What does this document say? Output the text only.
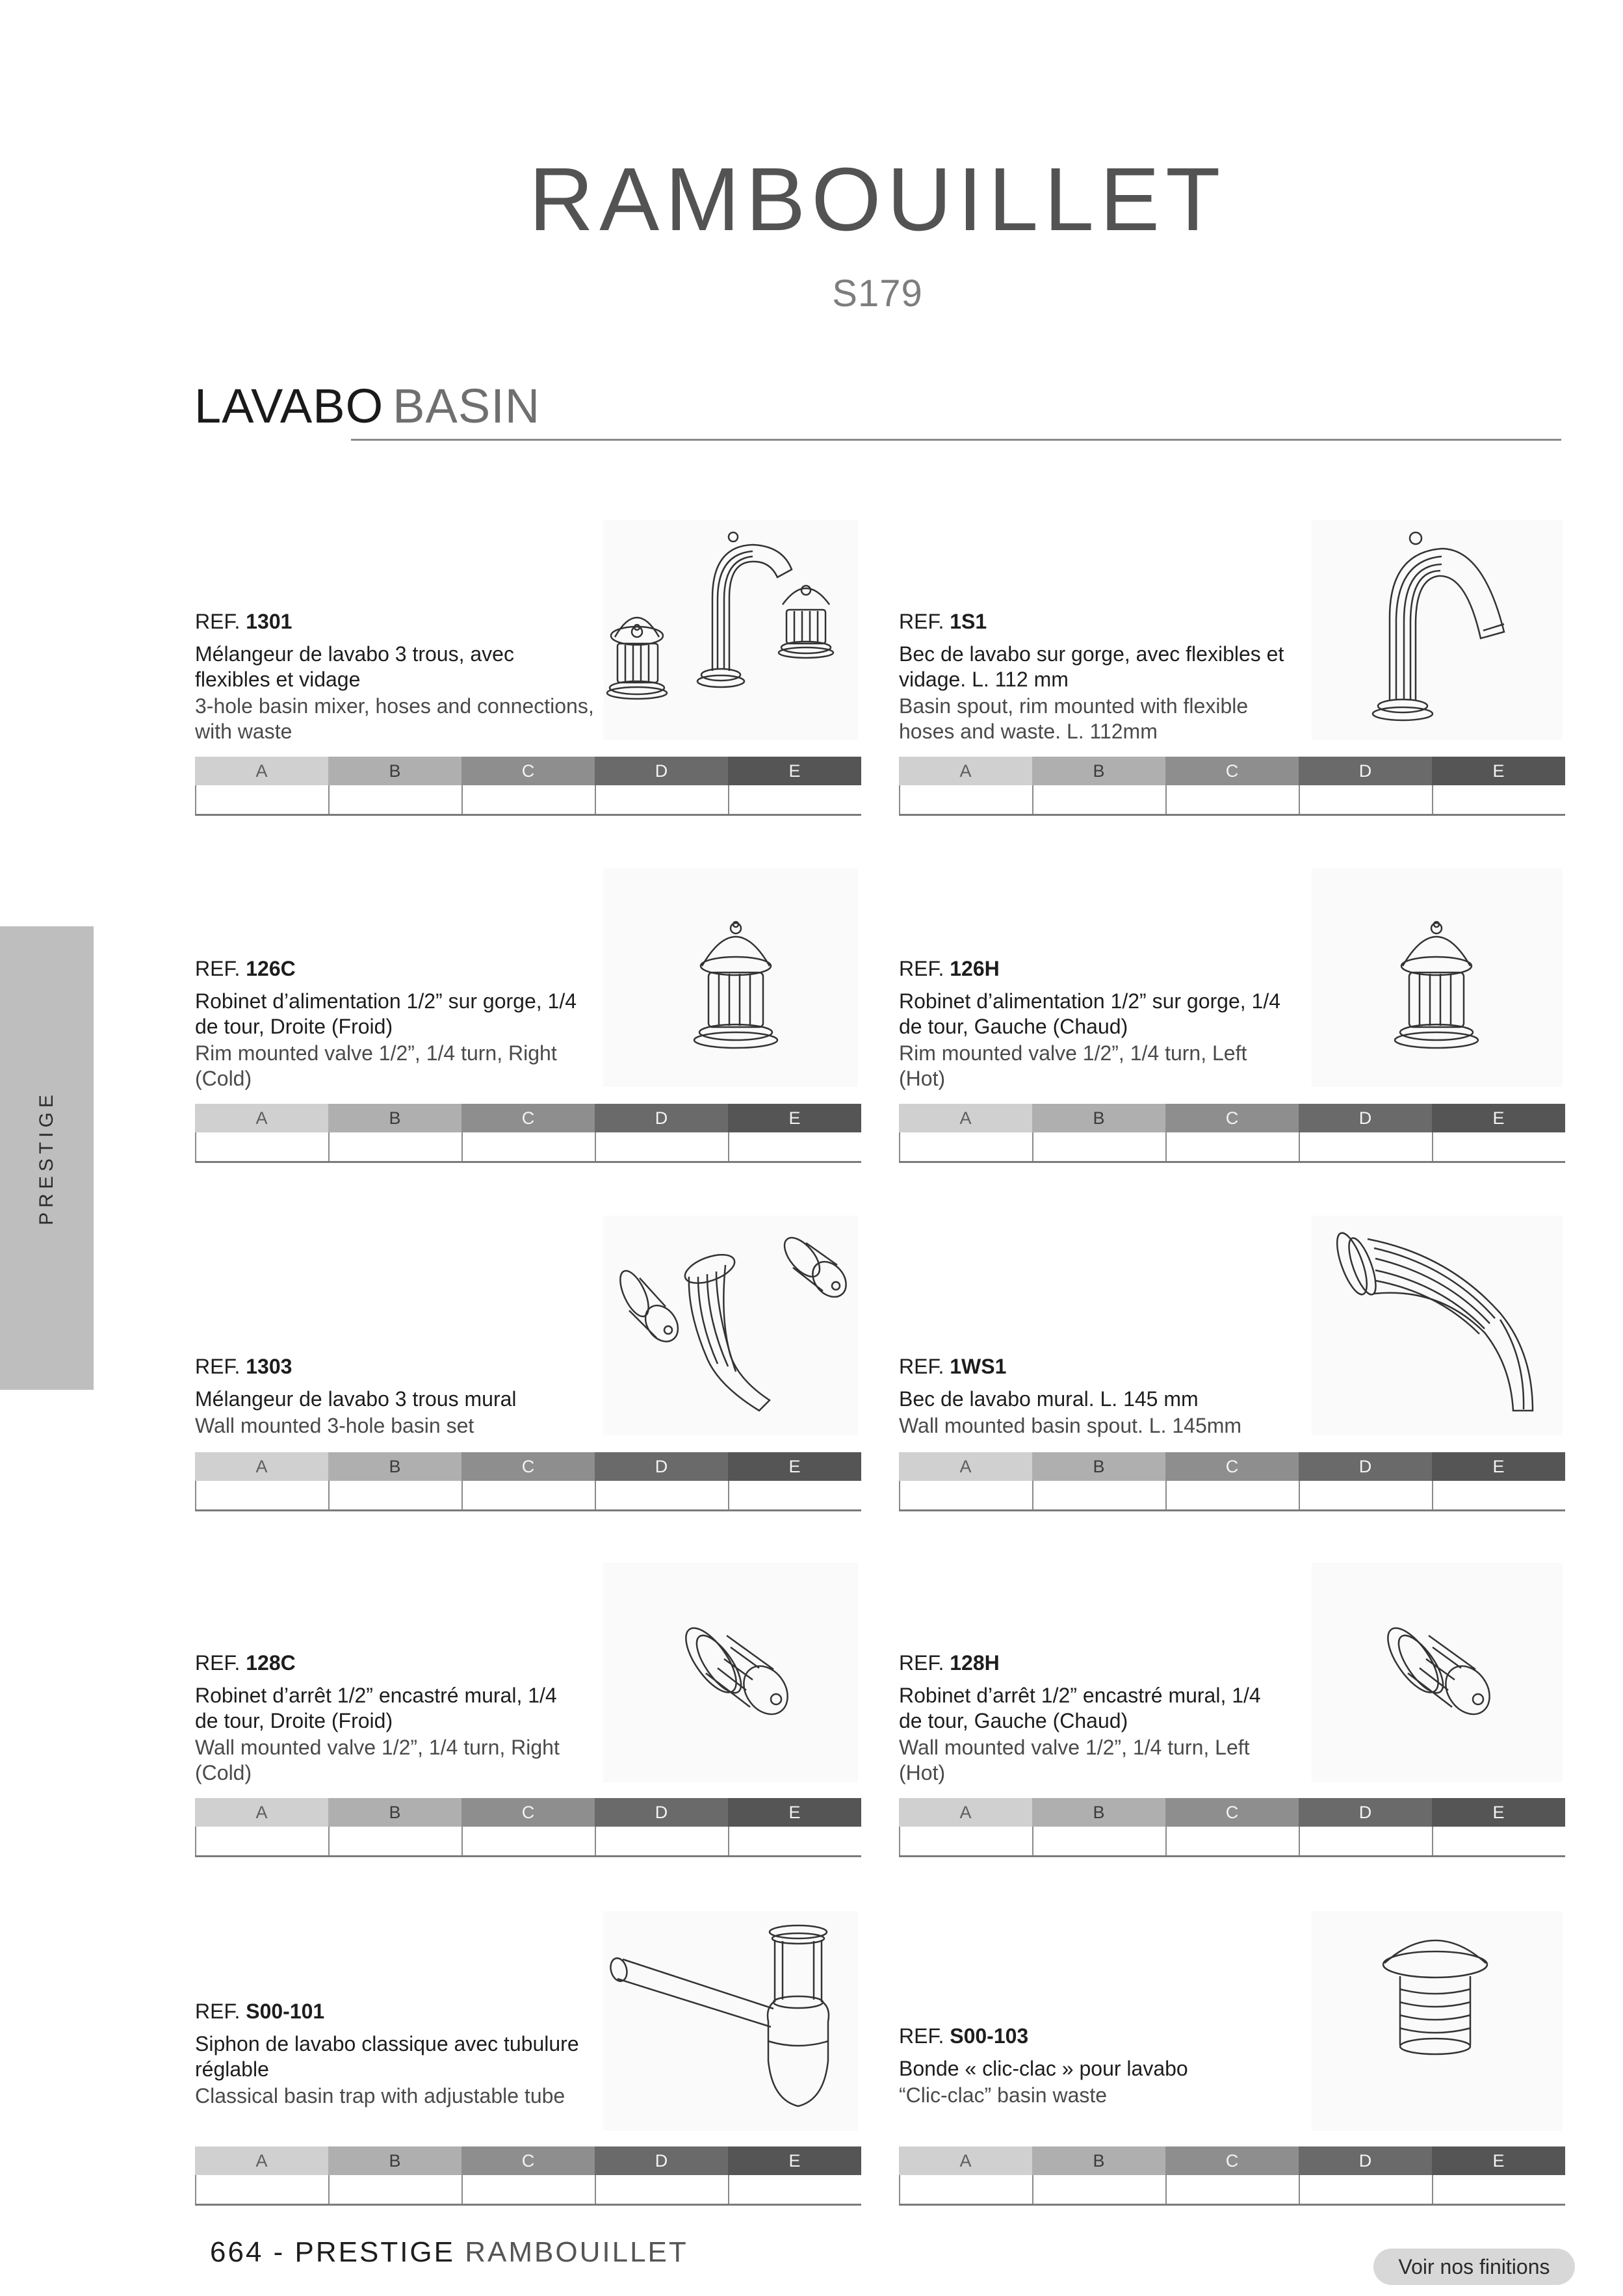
RAMBOUILLET
S179
LAVABO BASIN
PRESTIGE
REF. 1301
Mélangeur de lavabo 3 trous, avec
flexibles et vidage
3-hole basin mixer, hoses and connections,
with waste
A	B	C	D	E
REF. 1S1
Bec de lavabo sur gorge, avec flexibles et
vidage. L. 112 mm
Basin spout, rim mounted with flexible
hoses and waste. L. 112mm
A	B	C	D	E
REF. 126C
Robinet d’alimentation 1/2” sur gorge, 1/4
de tour, Droite (Froid)
Rim mounted valve 1/2”, 1/4 turn, Right
(Cold)
A	B	C	D	E
REF. 126H
Robinet d’alimentation 1/2” sur gorge, 1/4
de tour, Gauche (Chaud)
Rim mounted valve 1/2”, 1/4 turn, Left
(Hot)
A	B	C	D	E
REF. 1303
Mélangeur de lavabo 3 trous mural
Wall mounted 3-hole basin set
A	B	C	D	E
REF. 1WS1
Bec de lavabo mural. L. 145 mm
Wall mounted basin spout. L. 145mm
A	B	C	D	E
REF. 128C
Robinet d’arrêt 1/2” encastré mural, 1/4
de tour, Droite (Froid)
Wall mounted valve 1/2”, 1/4 turn, Right
(Cold)
A	B	C	D	E
REF. 128H
Robinet d’arrêt 1/2” encastré mural, 1/4
de tour, Gauche (Chaud)
Wall mounted valve 1/2”, 1/4 turn, Left
(Hot)
A	B	C	D	E
REF. S00-101
Siphon de lavabo classique avec tubulure
réglable
Classical basin trap with adjustable tube
A	B	C	D	E
REF. S00-103
Bonde « clic-clac » pour lavabo
“Clic-clac” basin waste
A	B	C	D	E
664 - PRESTIGE RAMBOUILLET	Voir nos finitions
